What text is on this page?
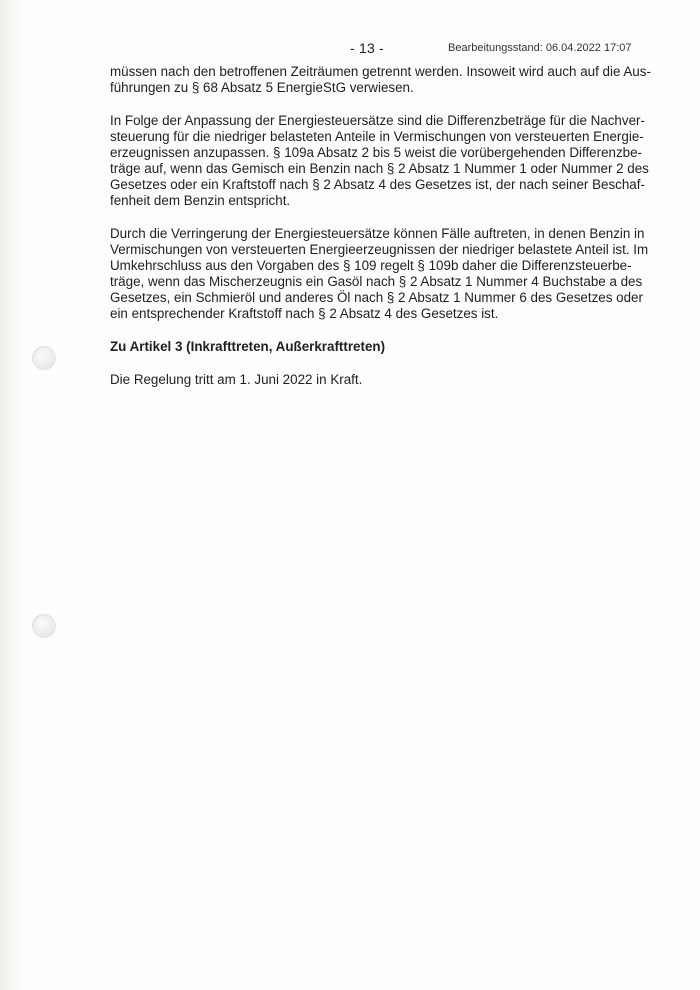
- 13 -	Bearbeitungsstand: 06.04.2022 17:07

müssen nach den betroffenen Zeiträumen getrennt werden. Insoweit wird auch auf die Aus-
führungen zu § 68 Absatz 5 EnergieStG verwiesen.

In Folge der Anpassung der Energiesteuersätze sind die Differenzbeträge für die Nachver-
steuerung für die niedriger belasteten Anteile in Vermischungen von versteuerten Energie-
erzeugnissen anzupassen. § 109a Absatz 2 bis 5 weist die vorübergehenden Differenzbe-
träge auf, wenn das Gemisch ein Benzin nach § 2 Absatz 1 Nummer 1 oder Nummer 2 des
Gesetzes oder ein Kraftstoff nach § 2 Absatz 4 des Gesetzes ist, der nach seiner Beschaf-
fenheit dem Benzin entspricht.

Durch die Verringerung der Energiesteuersätze können Fälle auftreten, in denen Benzin in
Vermischungen von versteuerten Energieerzeugnissen der niedriger belastete Anteil ist. Im
Umkehrschluss aus den Vorgaben des § 109 regelt § 109b daher die Differenzsteuerbe-
träge, wenn das Mischerzeugnis ein Gasöl nach § 2 Absatz 1 Nummer 4 Buchstabe a des
Gesetzes, ein Schmieröl und anderes Öl nach § 2 Absatz 1 Nummer 6 des Gesetzes oder
ein entsprechender Kraftstoff nach § 2 Absatz 4 des Gesetzes ist.

Zu Artikel 3 (Inkrafttreten, Außerkrafttreten)

Die Regelung tritt am 1. Juni 2022 in Kraft.
